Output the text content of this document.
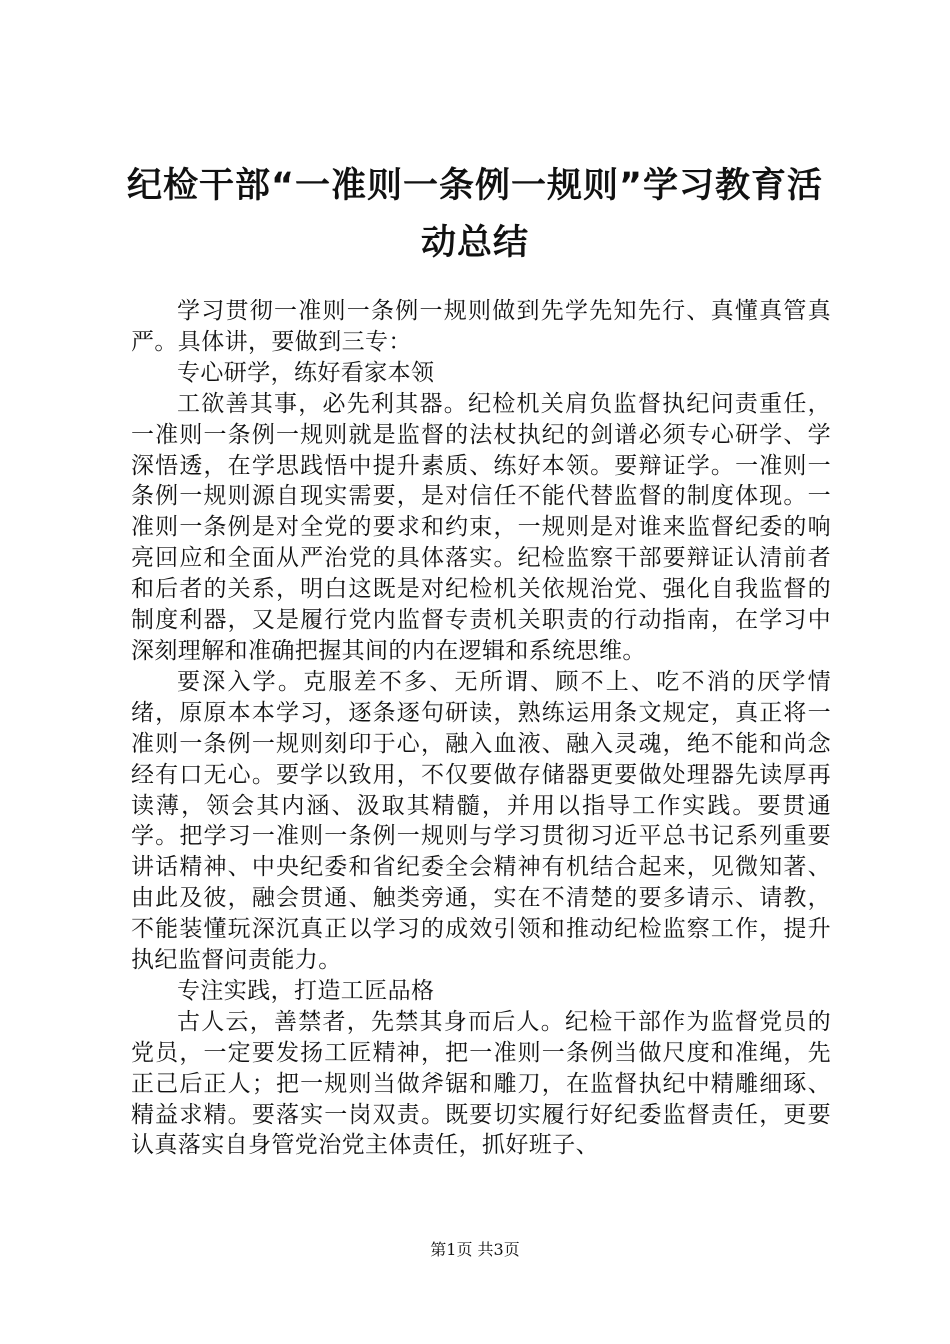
纪检干部“一准则一条例一规则”学习教育活动总结

学习贯彻一准则一条例一规则做到先学先知先行、真懂真管真严。具体讲，要做到三专：

专心研学，练好看家本领

工欲善其事，必先利其器。纪检机关肩负监督执纪问责重任，一准则一条例一规则就是监督的法杖执纪的剑谱必须专心研学、学深悟透，在学思践悟中提升素质、练好本领。要辩证学。一准则一条例一规则源自现实需要，是对信任不能代替监督的制度体现。一准则一条例是对全党的要求和约束，一规则是对谁来监督纪委的响亮回应和全面从严治党的具体落实。纪检监察干部要辩证认清前者和后者的关系，明白这既是对纪检机关依规治党、强化自我监督的制度利器，又是履行党内监督专责机关职责的行动指南，在学习中深刻理解和准确把握其间的内在逻辑和系统思维。

要深入学。克服差不多、无所谓、顾不上、吃不消的厌学情绪，原原本本学习，逐条逐句研读，熟练运用条文规定，真正将一准则一条例一规则刻印于心，融入血液、融入灵魂，绝不能和尚念经有口无心。要学以致用，不仅要做存储器更要做处理器先读厚再读薄，领会其内涵、汲取其精髓，并用以指导工作实践。要贯通学。把学习一准则一条例一规则与学习贯彻习近平总书记系列重要讲话精神、中央纪委和省纪委全会精神有机结合起来，见微知著、由此及彼，融会贯通、触类旁通，实在不清楚的要多请示、请教，不能装懂玩深沉真正以学习的成效引领和推动纪检监察工作，提升执纪监督问责能力。

专注实践，打造工匠品格

古人云，善禁者，先禁其身而后人。纪检干部作为监督党员的党员，一定要发扬工匠精神，把一准则一条例当做尺度和准绳，先正己后正人；把一规则当做斧锯和雕刀，在监督执纪中精雕细琢、精益求精。要落实一岗双责。既要切实履行好纪委监督责任，更要认真落实自身管党治党主体责任，抓好班子、

第1页 共3页
